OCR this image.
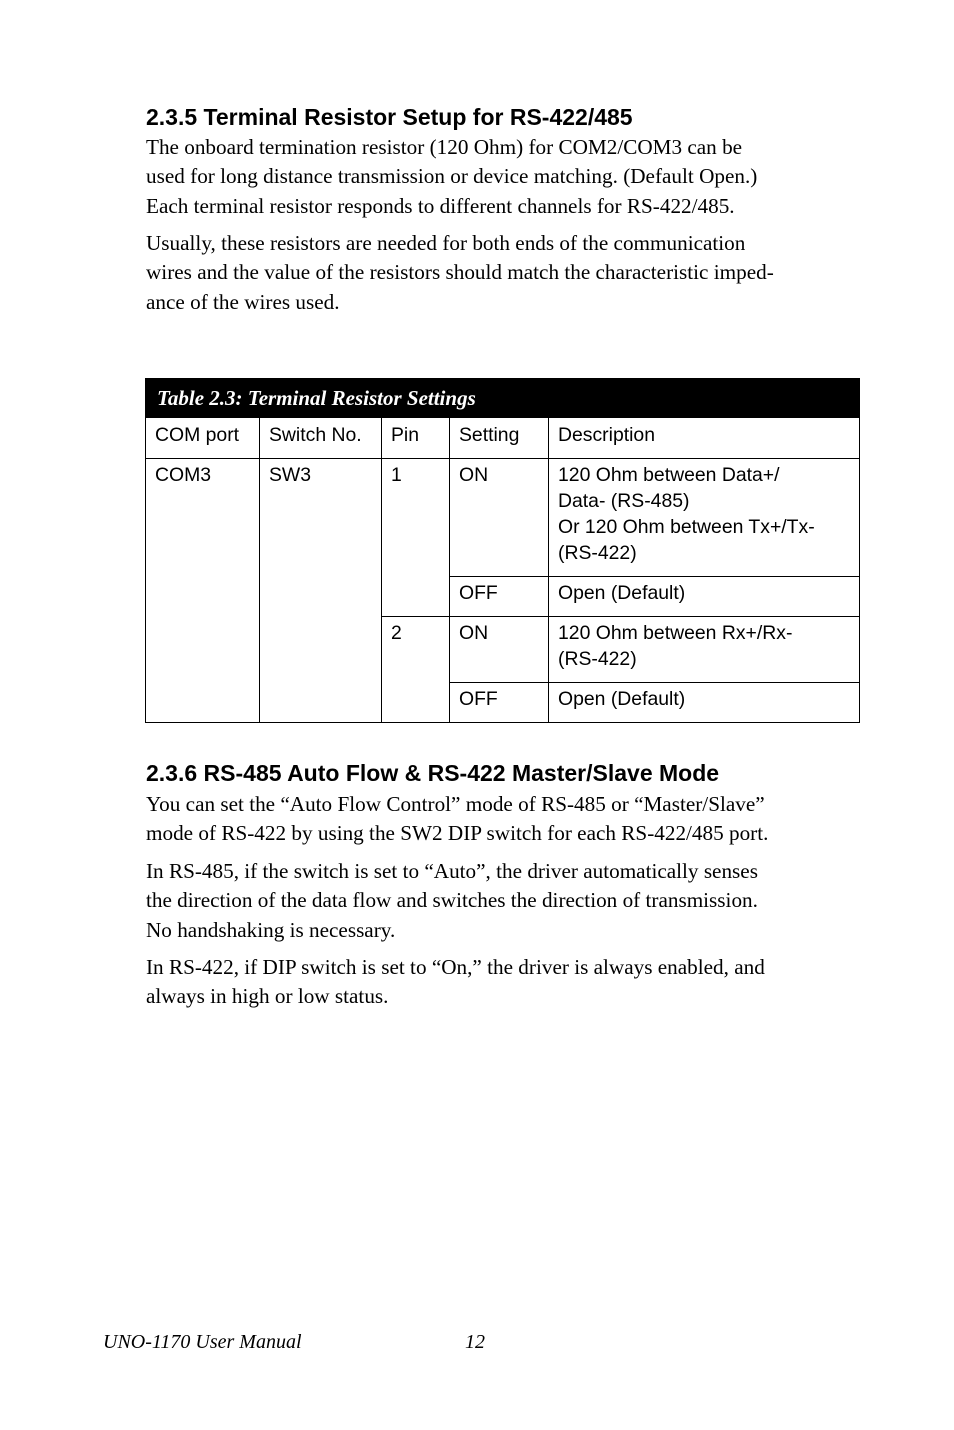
2.3.5 Terminal Resistor Setup for RS-422/485

The onboard termination resistor (120 Ohm) for COM2/COM3 can be
used for long distance transmission or device matching. (Default Open.)
Each terminal resistor responds to different channels for RS-422/485.

Usually, these resistors are needed for both ends of the communication
wires and the value of the resistors should match the characteristic imped-
ance of the wires used.

Table 2.3: Terminal Resistor Settings				
COM port	Switch No.	Pin	Setting	Description
COM3	SW3	1	ON	120 Ohm between Data+/
Data- (RS-485)
Or 120 Ohm between Tx+/Tx-
(RS-422)

			OFF	Open (Default)

		2	ON	120 Ohm between Rx+/Rx-
(RS-422)

			OFF	Open (Default)
2.3.6 RS-485 Auto Flow & RS-422 Master/Slave Mode

You can set the “Auto Flow Control” mode of RS-485 or “Master/Slave”
mode of RS-422 by using the SW2 DIP switch for each RS-422/485 port.

In RS-485, if the switch is set to “Auto”, the driver automatically senses
the direction of the data flow and switches the direction of transmission.
No handshaking is necessary.

In RS-422, if DIP switch is set to “On,” the driver is always enabled, and
always in high or low status.

UNO-1170 User Manual	12
